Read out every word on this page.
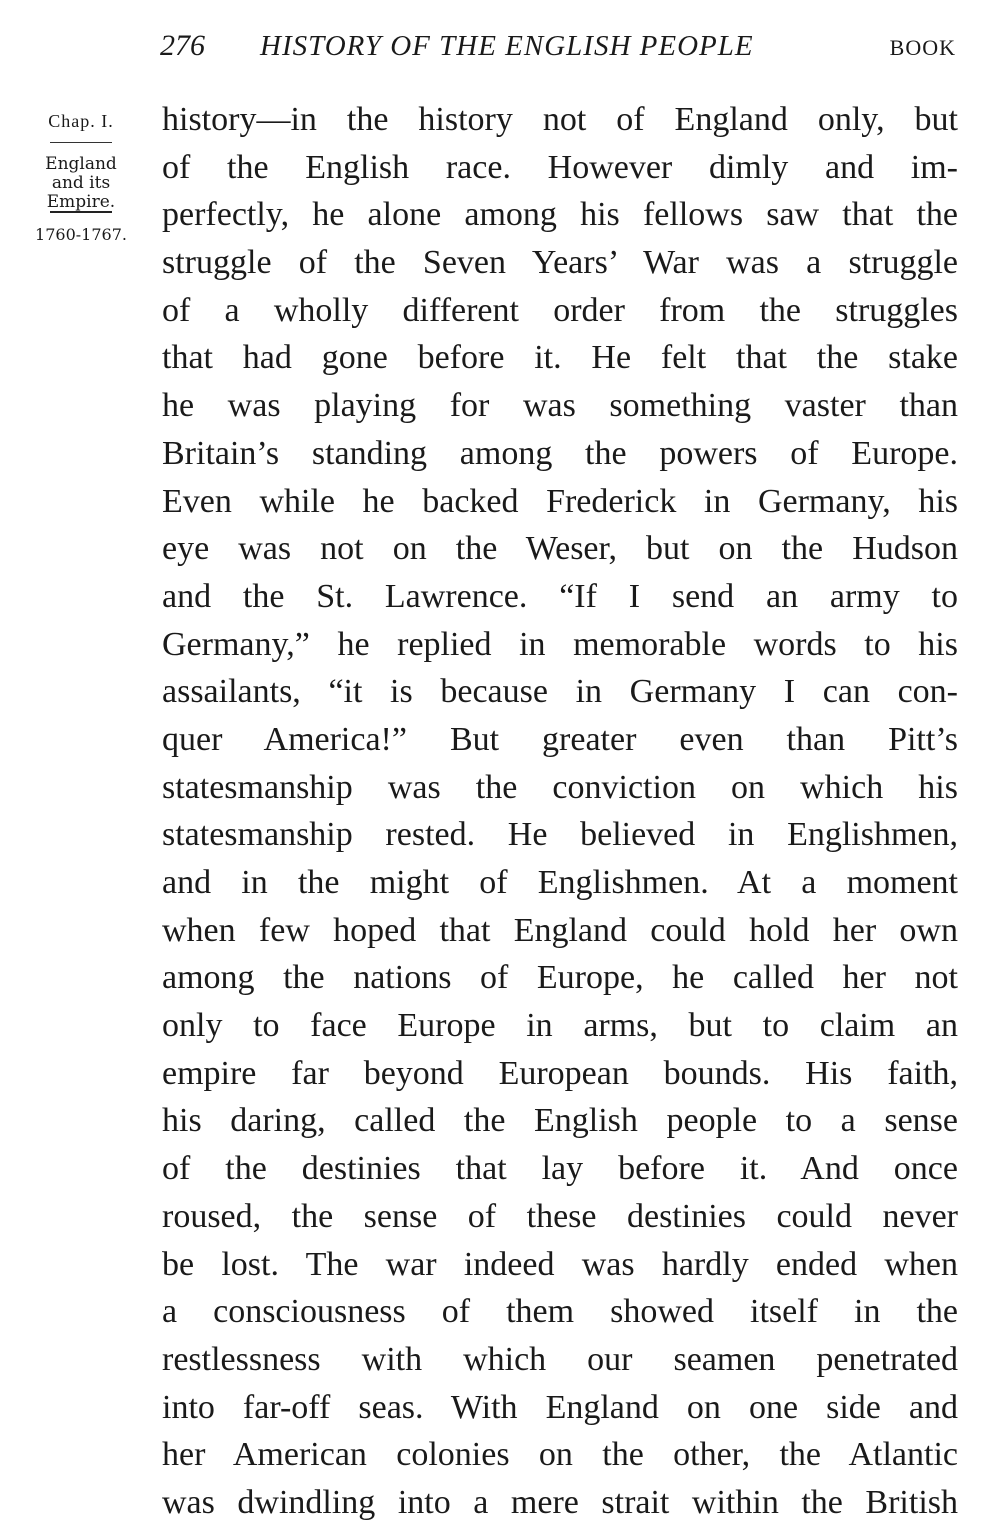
276 HISTORY OF THE ENGLISH PEOPLE	BOOK
Chap. I.
England
and its
Empire.
1760-1767.
history—in the history not of England only, but
of the English race. However dimly and im-
perfectly, he alone among his fellows saw that the
struggle of the Seven Years’ War was a struggle
of a wholly different order from the struggles
that had gone before it. He felt that the stake
he was playing for was something vaster than
Britain’s standing among the powers of Europe.
Even while he backed Frederick in Germany, his
eye was not on the Weser, but on the Hudson
and the St. Lawrence. “If I send an army to
Germany,” he replied in memorable words to his
assailants, “it is because in Germany I can con-
quer America!” But greater even than Pitt’s
statesmanship was the conviction on which his
statesmanship rested. He believed in Englishmen,
and in the might of Englishmen. At a moment
when few hoped that England could hold her own
among the nations of Europe, he called her not
only to face Europe in arms, but to claim an
empire far beyond European bounds. His faith,
his daring, called the English people to a sense
of the destinies that lay before it. And once
roused, the sense of these destinies could never
be lost. The war indeed was hardly ended when
a consciousness of them showed itself in the
restlessness with which our seamen penetrated
into far-off seas. With England on one side and
her American colonies on the other, the Atlantic
was dwindling into a mere strait within the British
